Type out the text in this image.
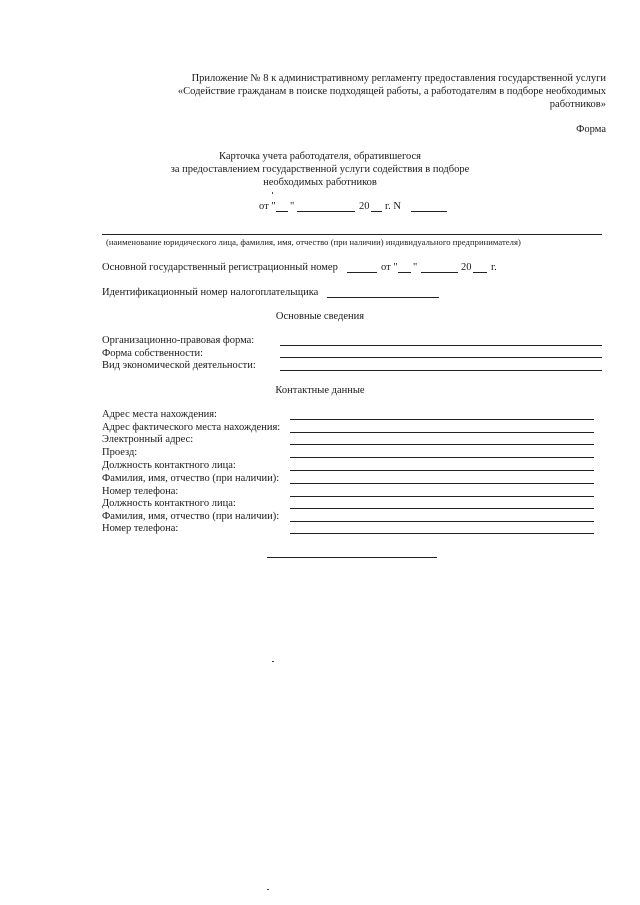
Приложение № 8 к административному регламенту предоставления государственной услуги
«Содействие гражданам в поиске подходящей работы, а работодателям в подборе необходимых
работников»
Форма
Карточка учета работодателя, обратившегося
за предоставлением государственной услуги содействия в подборе
необходимых работников
от " "	20 г. N
(наименование юридического лица, фамилия, имя, отчество (при наличии) индивидуального предпринимателя)
Основной государственный регистрационный номер	от " "	20 г.
Идентификационный номер налогоплательщика
Основные сведения
Организационно-правовая форма:
Форма собственности:
Вид экономической деятельности:
Контактные данные
Адрес места нахождения:
Адрес фактического места нахождения:
Электронный адрес:
Проезд:
Должность контактного лица:
Фамилия, имя, отчество (при наличии):
Номер телефона:
Должность контактного лица:
Фамилия, имя, отчество (при наличии):
Номер телефона:
